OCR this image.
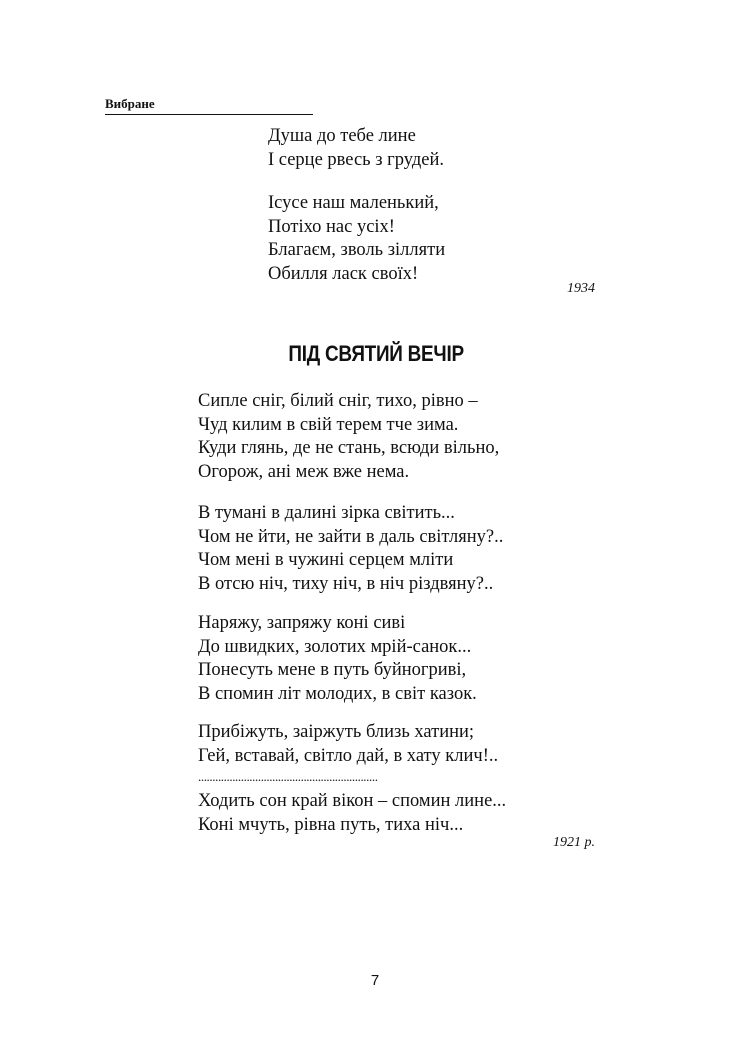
Вибране
Душа до тебе лине
І серце рвесь з грудей.
Ісусе наш маленький,
Потіхо нас усіх!
Благаєм, зволь зілляти
Обилля ласк своїх!
1934
ПІД СВЯТИЙ ВЕЧІР
Сипле сніг, білий сніг, тихо, рівно –
Чуд килим в свій терем тче зима.
Куди глянь, де не стань, всюди вільно,
Огорож, ані меж вже нема.
В тумані в далині зірка світить...
Чом не йти, не зайти в даль світляну?..
Чом мені в чужині серцем мліти
В отсю ніч, тиху ніч, в ніч різдвяну?..
Наряжу, запряжу коні сиві
До швидких, золотих мрій-санок...
Понесуть мене в путь буйногриві,
В спомин літ молодих, в світ казок.
Прибіжуть, заіржуть близь хатини;
Гей, вставай, світло дай, в хату клич!..
...............................................................
Ходить сон край вікон – спомин лине...
Коні мчуть, рівна путь, тиха ніч...
1921 р.
7
